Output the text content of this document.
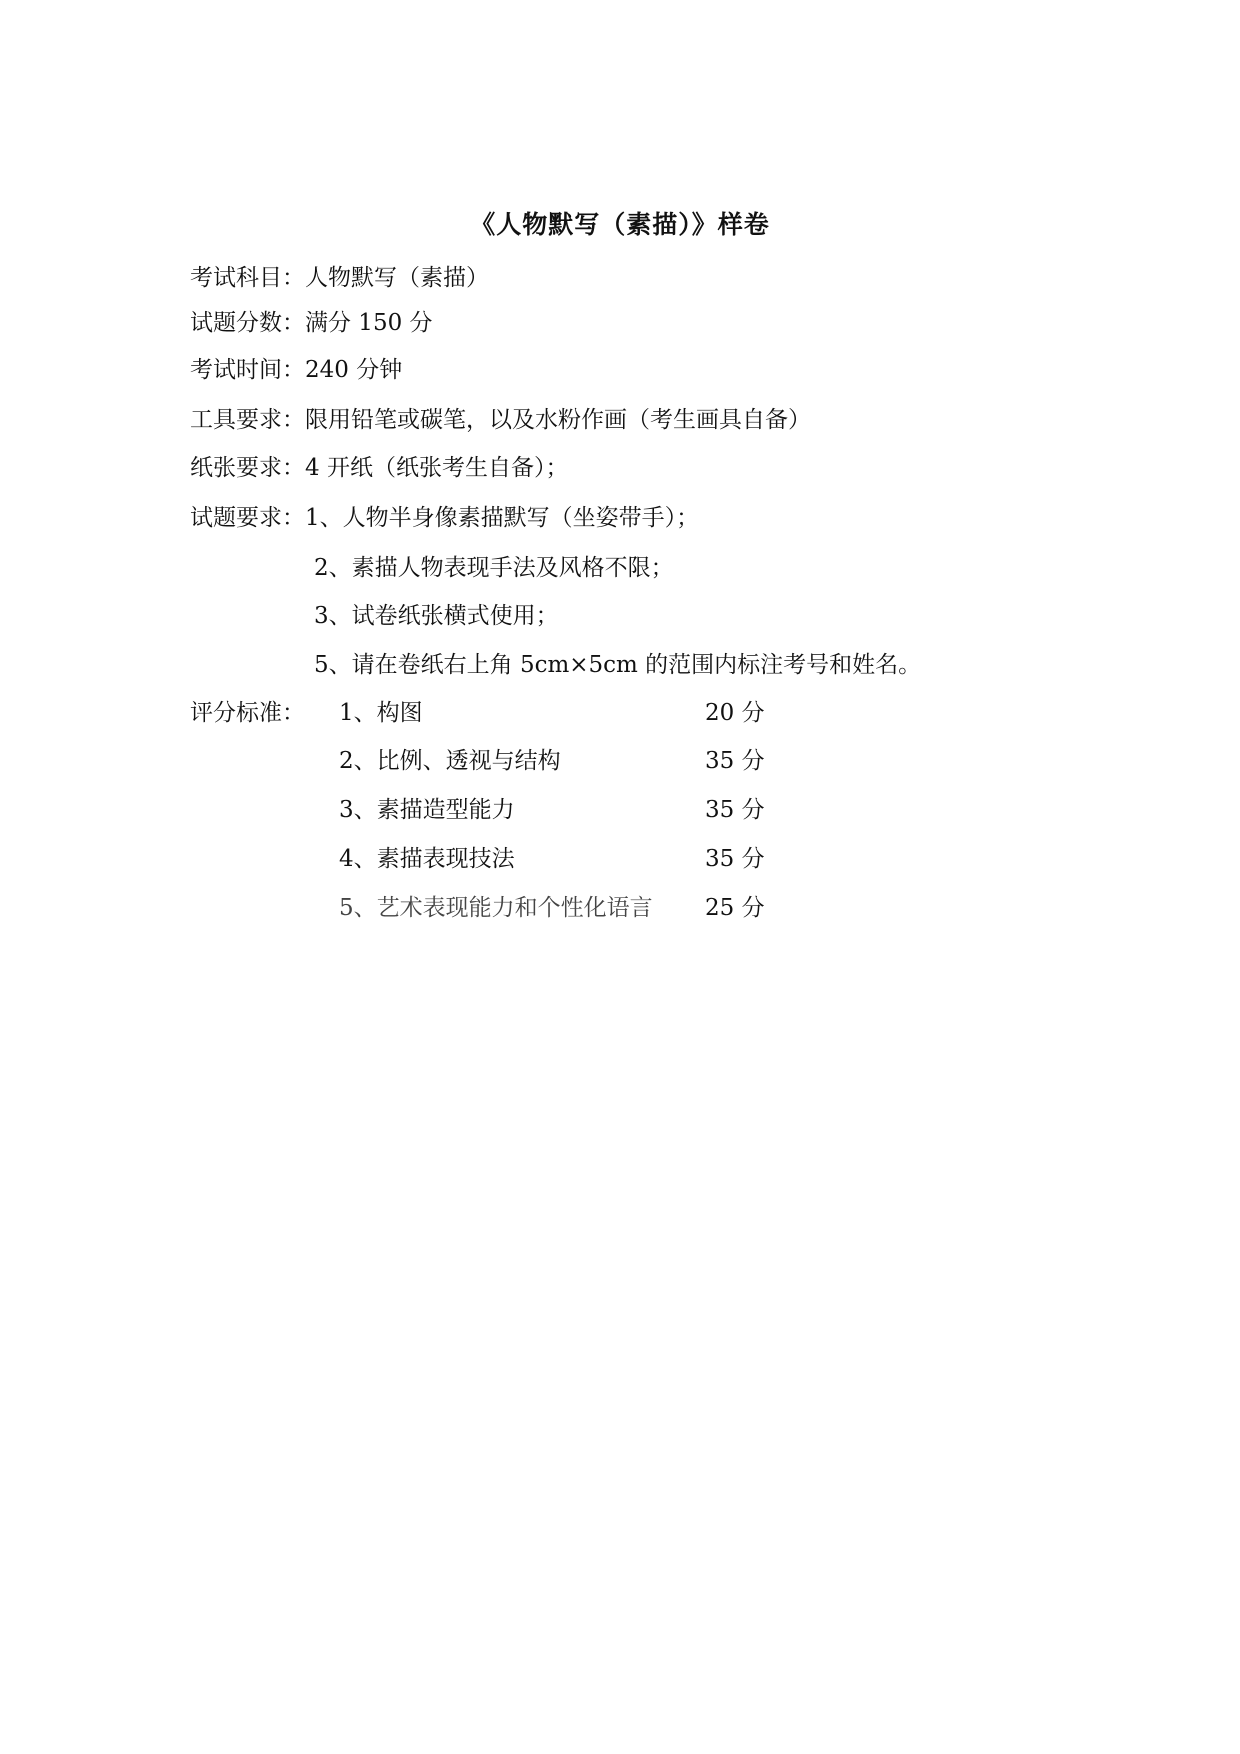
《人物默写（素描）》样卷
考试科目：人物默写（素描）
试题分数：满分 150 分
考试时间：240 分钟
工具要求：限用铅笔或碳笔，以及水粉作画（考生画具自备）
纸张要求：4 开纸（纸张考生自备）；
试题要求：1、人物半身像素描默写（坐姿带手）；
2、素描人物表现手法及风格不限；
3、试卷纸张横式使用；
5、请在卷纸右上角 5cm×5cm 的范围内标注考号和姓名。
评分标准： 1、构图	20 分
2、比例、透视与结构	35 分
3、素描造型能力	35 分
4、素描表现技法	35 分
5、艺术表现能力和个性化语言 25 分
